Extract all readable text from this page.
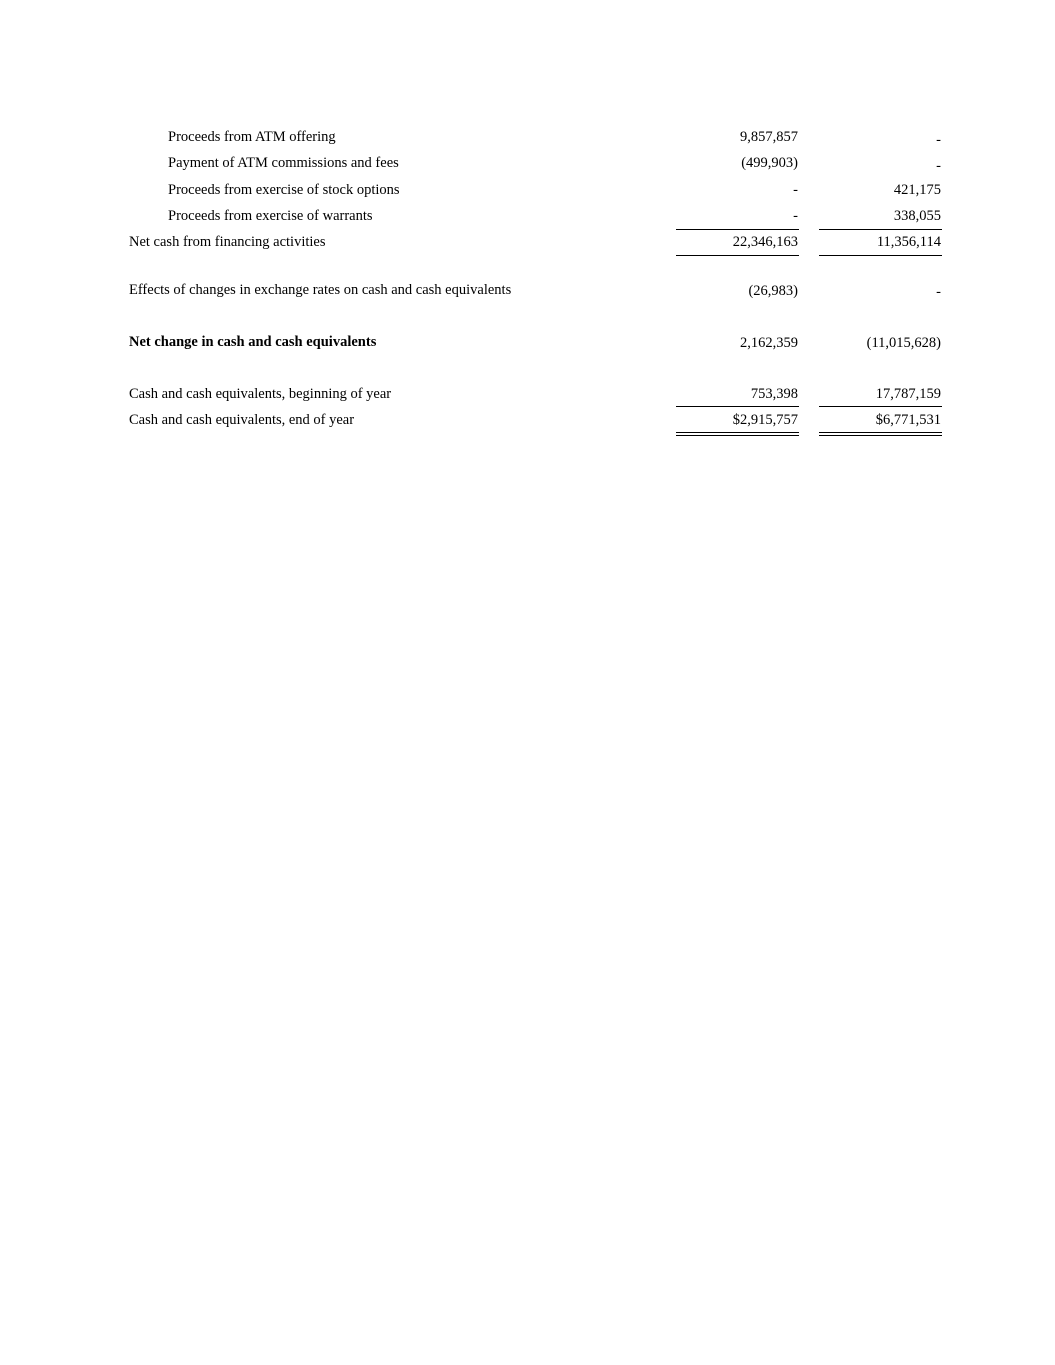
Proceeds from ATM offering	9,857,857	-
Payment of ATM commissions and fees	(499,903)	-
Proceeds from exercise of stock options	-	421,175
Proceeds from exercise of warrants	-	338,055
Net cash from financing activities	22,346,163	11,356,114
Effects of changes in exchange rates on cash and cash equivalents	(26,983)	-
Net change in cash and cash equivalents	2,162,359	(11,015,628)
Cash and cash equivalents, beginning of year	753,398	17,787,159
Cash and cash equivalents, end of year	$2,915,757	$6,771,531
